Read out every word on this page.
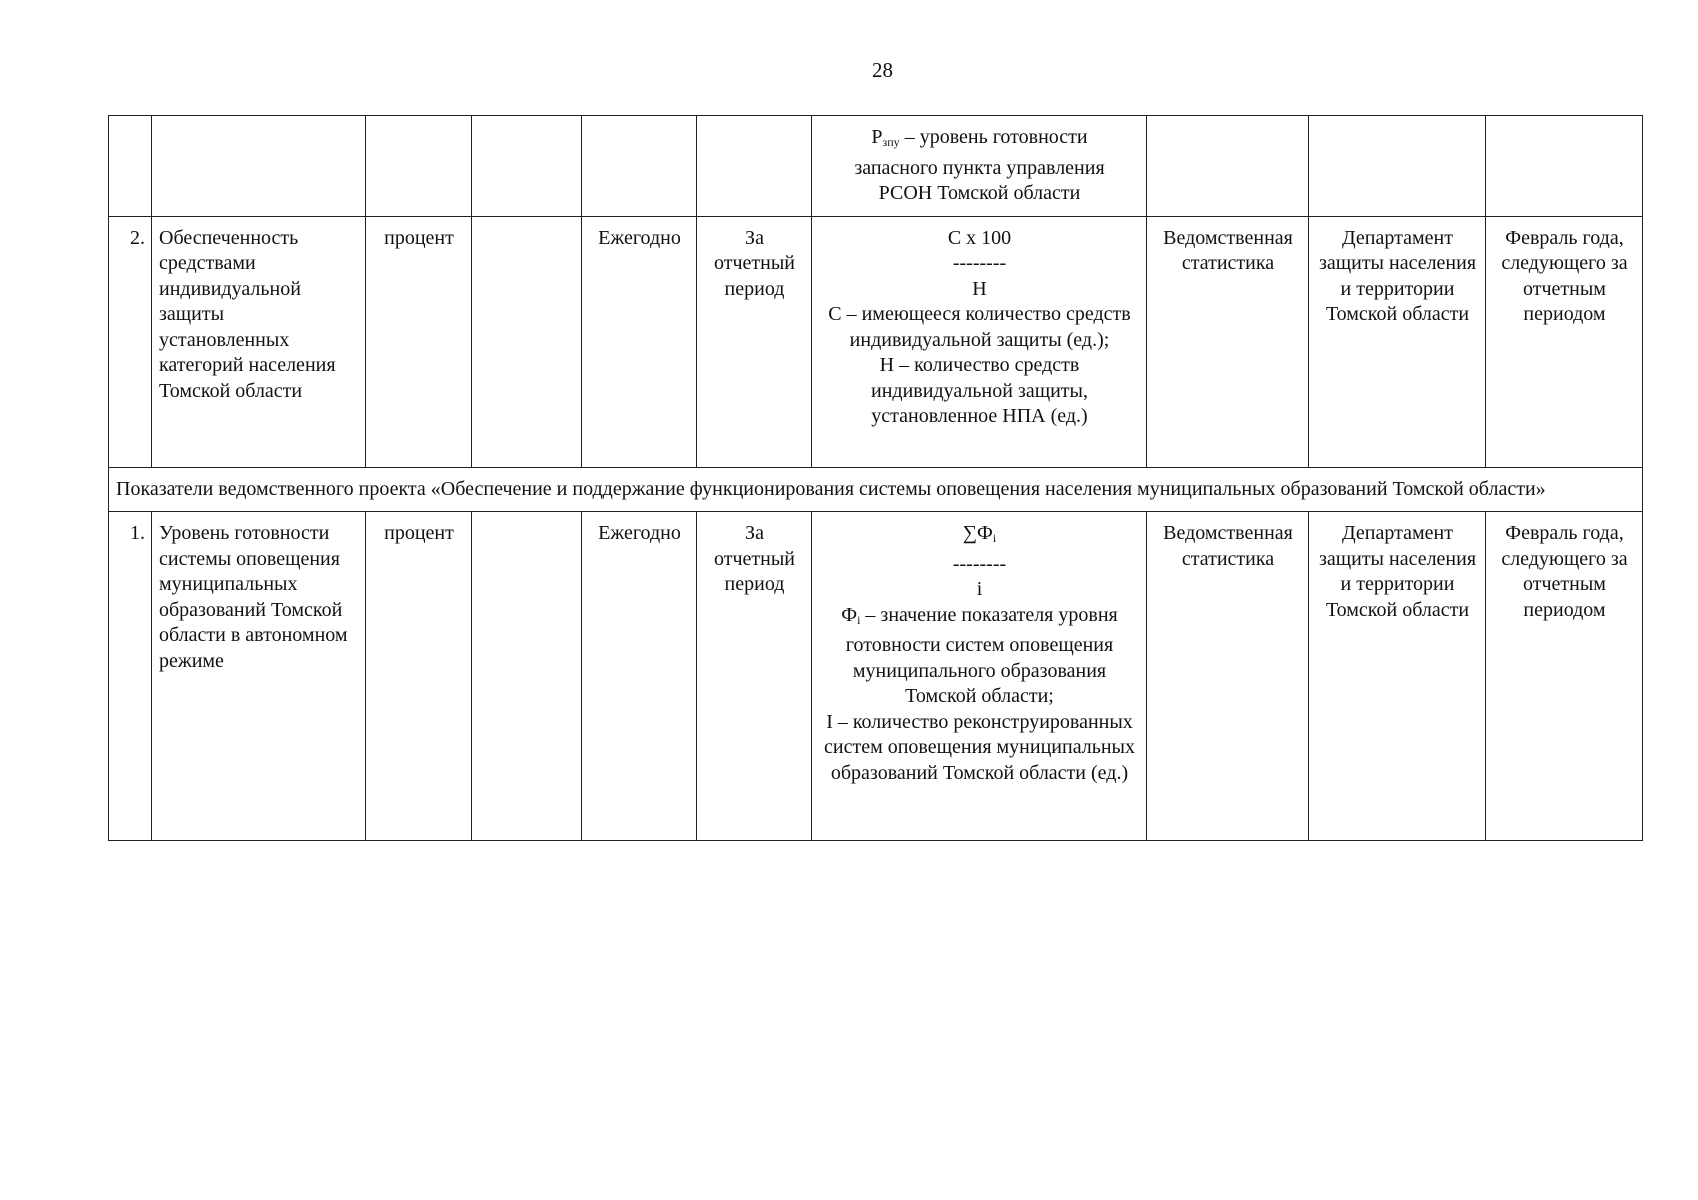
28

						$Р_{зпу}$ – уровень готовности
запасного пункта управления
РСОН Томской области			

2.	Обеспеченность средствами индивидуальной защиты установленных категорий населения Томской области	процент		Ежегодно	За отчетный период	С х 100
--------
Н
С – имеющееся количество средств индивидуальной защиты (ед.);
Н – количество средств индивидуальной защиты, установленное НПА (ед.)	Ведомственная статистика	Департамент защиты населения и территории Томской области	Февраль года, следующего за отчетным периодом
Показатели ведомственного проекта «Обеспечение и поддержание функционирования системы оповещения населения муниципальных образований Томской области»									
1.	Уровень готовности системы оповещения муниципальных образований Томской области в автономном режиме	процент		Ежегодно	За отчетный период	$\sum Ф_i$
--------
i
$Ф_i$ – значение показателя уровня готовности систем оповещения муниципального образования Томской области;
I – количество реконструированных систем оповещения муниципальных образований Томской области (ед.)	Ведомственная статистика	Департамент защиты населения и территории Томской области	Февраль года, следующего за отчетным периодом
